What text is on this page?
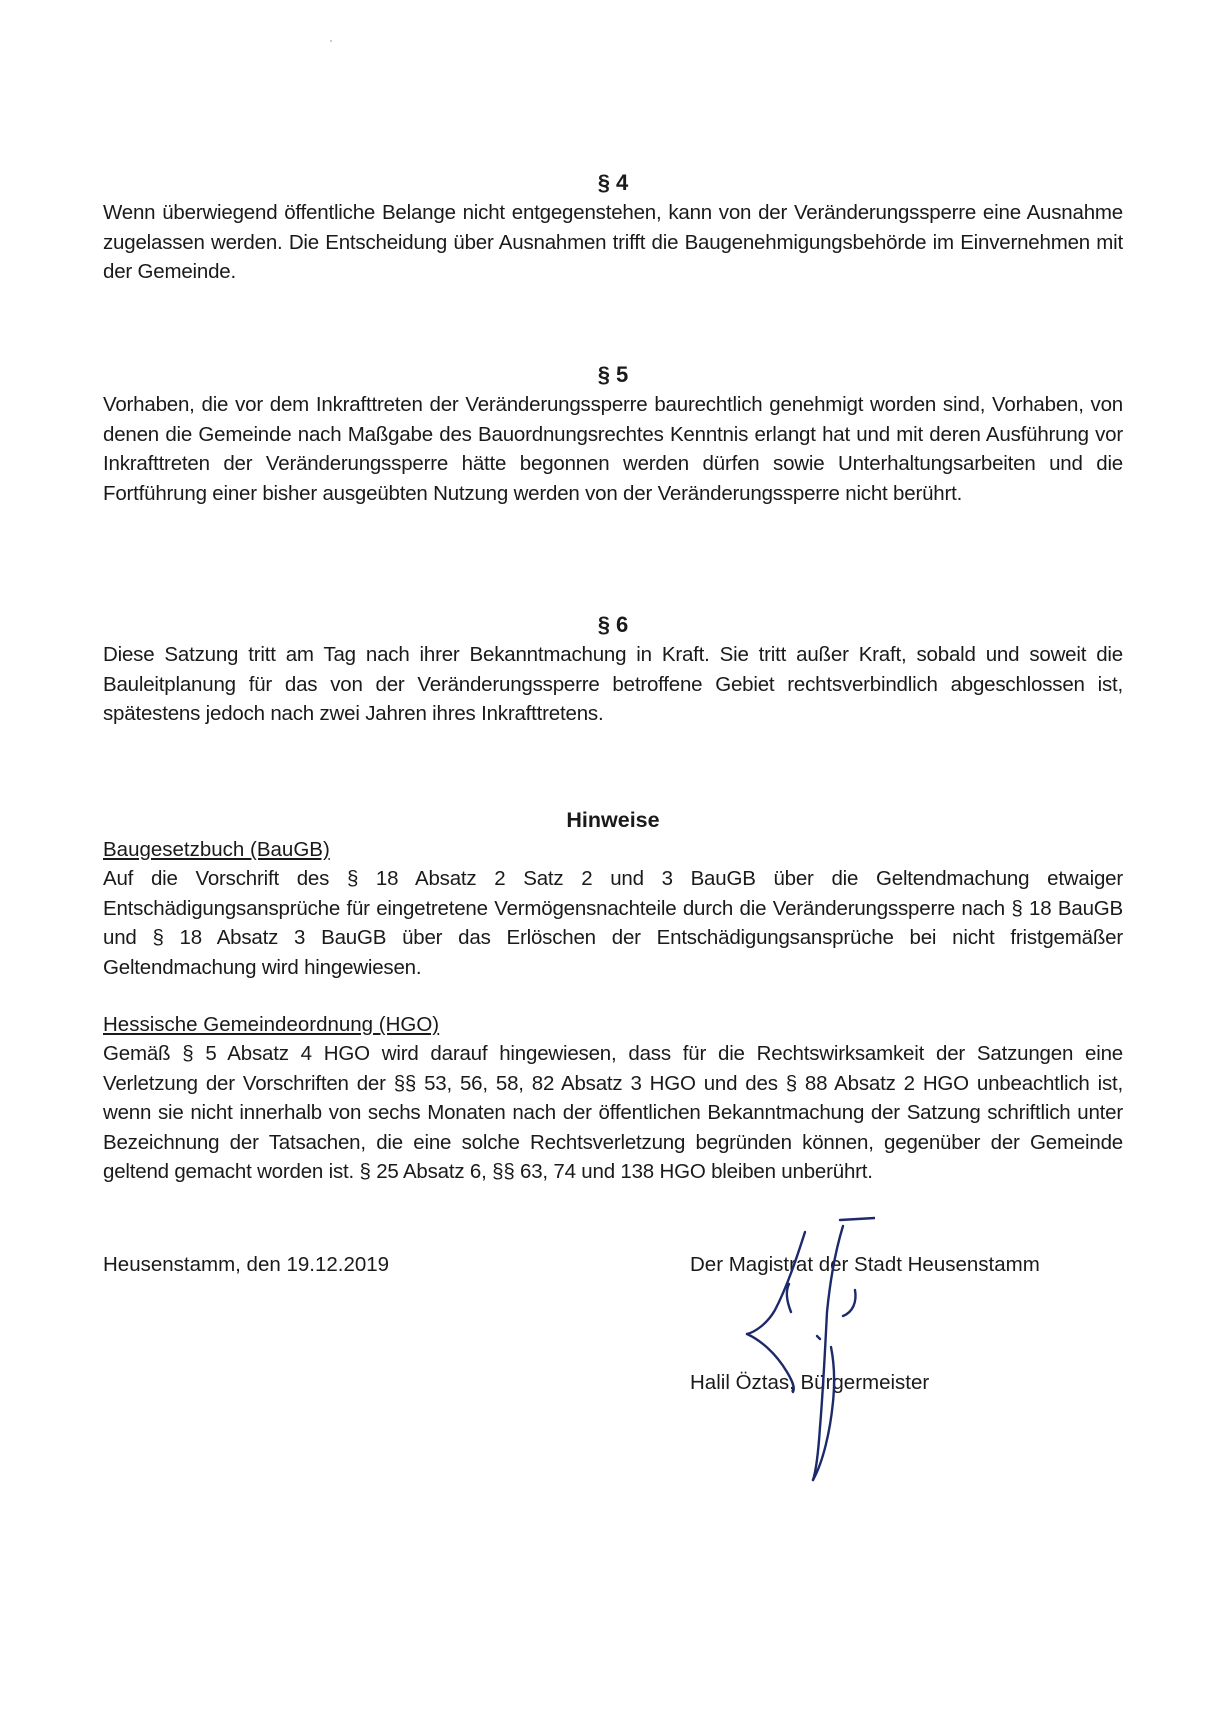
§ 4

Wenn überwiegend öffentliche Belange nicht entgegenstehen, kann von der Veränderungssperre eine Ausnahme zugelassen werden. Die Entscheidung über Ausnahmen trifft die Baugenehmigungsbehörde im Einvernehmen mit der Gemeinde.

§ 5

Vorhaben, die vor dem Inkrafttreten der Veränderungssperre baurechtlich genehmigt worden sind, Vorhaben, von denen die Gemeinde nach Maßgabe des Bauordnungsrechtes Kenntnis erlangt hat und mit deren Ausführung vor Inkrafttreten der Veränderungssperre hätte begonnen werden dürfen sowie Unterhaltungsarbeiten und die Fortführung einer bisher ausgeübten Nutzung werden von der Veränderungssperre nicht berührt.

§ 6

Diese Satzung tritt am Tag nach ihrer Bekanntmachung in Kraft. Sie tritt außer Kraft, sobald und soweit die Bauleitplanung für das von der Veränderungssperre betroffene Gebiet rechtsverbindlich abgeschlossen ist, spätestens jedoch nach zwei Jahren ihres Inkrafttretens.

Hinweise

Baugesetzbuch (BauGB)

Auf die Vorschrift des § 18 Absatz 2 Satz 2 und 3 BauGB über die Geltendmachung etwaiger Entschädigungsansprüche für eingetretene Vermögensnachteile durch die Veränderungssperre nach § 18 BauGB und § 18 Absatz 3 BauGB über das Erlöschen der Entschädigungsansprüche bei nicht fristgemäßer Geltendmachung wird hingewiesen.

Hessische Gemeindeordnung (HGO)

Gemäß § 5 Absatz 4 HGO wird darauf hingewiesen, dass für die Rechtswirksamkeit der Satzungen eine Verletzung der Vorschriften der §§ 53, 56, 58, 82 Absatz 3 HGO und des § 88 Absatz 2 HGO unbeachtlich ist, wenn sie nicht innerhalb von sechs Monaten nach der öffentlichen Bekanntmachung der Satzung schriftlich unter Bezeichnung der Tatsachen, die eine solche Rechtsverletzung begründen können, gegenüber der Gemeinde geltend gemacht worden ist. § 25 Absatz 6, §§ 63, 74 und 138 HGO bleiben unberührt.

Heusenstamm, den 19.12.2019	Der Magistrat der Stadt Heusenstamm
Halil Öztas, Bürgermeister
